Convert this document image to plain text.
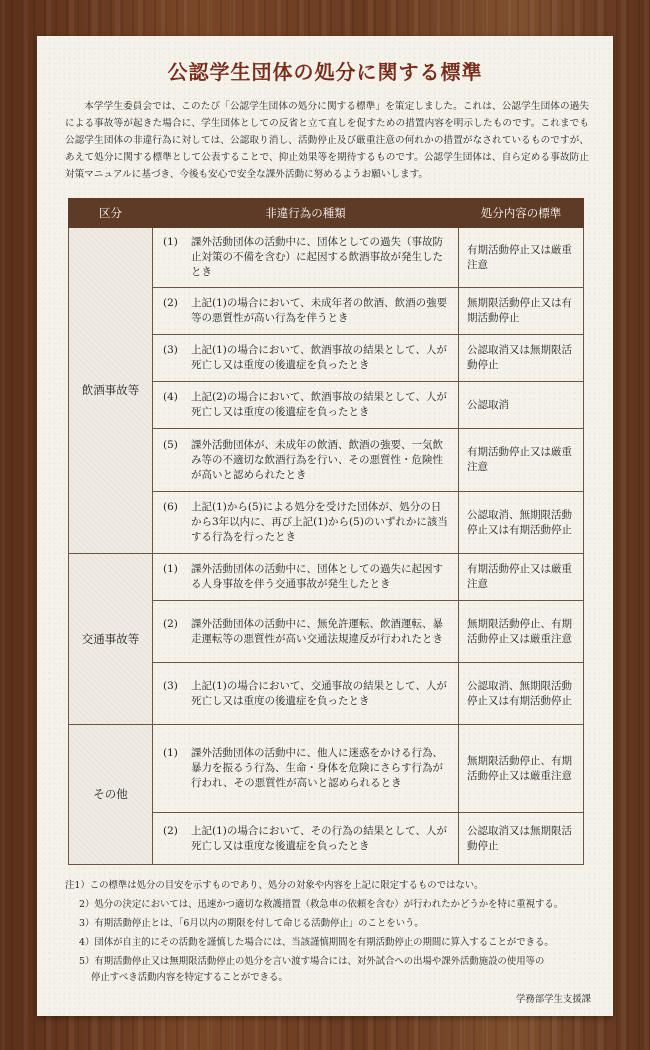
公認学生団体の処分に関する標準
本学学生委員会では、このたび「公認学生団体の処分に関する標準」を策定しました。これは、公認学生団体の過失による事故等が起きた場合に、学生団体としての反省と立て直しを促すための措置内容を明示したものです。これまでも公認学生団体の非違行為に対しては、公認取り消し、活動停止及び厳重注意の何れかの措置がなされているものですが、あえて処分に関する標準として公表することで、抑止効果等を期待するものです。公認学生団体は、自ら定める事故防止対策マニュアルに基づき、今後も安心で安全な課外活動に努めるようお願いします。
区分	非違行為の種類	処分内容の標準
飲酒事故等	(1) 課外活動団体の活動中に、団体としての過失（事故防止対策の不備を含む）に起因する飲酒事故が発生したとき	有期活動停止又は厳重注意

	(2) 上記(1)の場合において、未成年者の飲酒、飲酒の強要等の悪質性が高い行為を伴うとき	無期限活動停止又は有期活動停止

	(3) 上記(1)の場合において、飲酒事故の結果として、人が死亡し又は重度の後遺症を負ったとき	公認取消又は無期限活動停止

	(4) 上記(2)の場合において、飲酒事故の結果として、人が死亡し又は重度の後遺症を負ったとき	公認取消

	(5) 課外活動団体が、未成年の飲酒、飲酒の強要、一気飲み等の不適切な飲酒行為を行い、その悪質性・危険性が高いと認められたとき	有期活動停止又は厳重注意

	(6) 上記(1)から(5)による処分を受けた団体が、処分の日から3年以内に、再び上記(1)から(5)のいずれかに該当する行為を行ったとき	公認取消、無期限活動停止又は有期活動停止
交通事故等	(1) 課外活動団体の活動中に、団体としての過失に起因する人身事故を伴う交通事故が発生したとき	有期活動停止又は厳重注意

	(2) 課外活動団体の活動中に、無免許運転、飲酒運転、暴走運転等の悪質性が高い交通法規違反が行われたとき	無期限活動停止、有期活動停止又は厳重注意

	(3) 上記(1)の場合において、交通事故の結果として、人が死亡し又は重度の後遺症を負ったとき	公認取消、無期限活動停止又は有期活動停止
その他	(1) 課外活動団体の活動中に、他人に迷惑をかける行為、暴力を振るう行為、生命・身体を危険にさらす行為が行われ、その悪質性が高いと認められるとき	無期限活動停止、有期活動停止又は厳重注意

	(2) 上記(1)の場合において、その行為の結果として、人が死亡し又は重度な後遺症を負ったとき	公認取消又は無期限活動停止
注1）この標準は処分の目安を示すものであり、処分の対象や内容を上記に限定するものではない。
2）処分の決定においては、迅速かつ適切な救護措置（救急車の依頼を含む）が行われたかどうかを特に重視する。
3）有期活動停止とは、「6月以内の期限を付して命じる活動停止」のことをいう。
4）団体が自主的にその活動を謹慎した場合には、当該謹慎期間を有期活動停止の期間に算入することができる。
5）有期活動停止又は無期限活動停止の処分を言い渡す場合には、対外試合への出場や課外活動施設の使用等の
停止すべき活動内容を特定することができる。
学務部学生支援課
